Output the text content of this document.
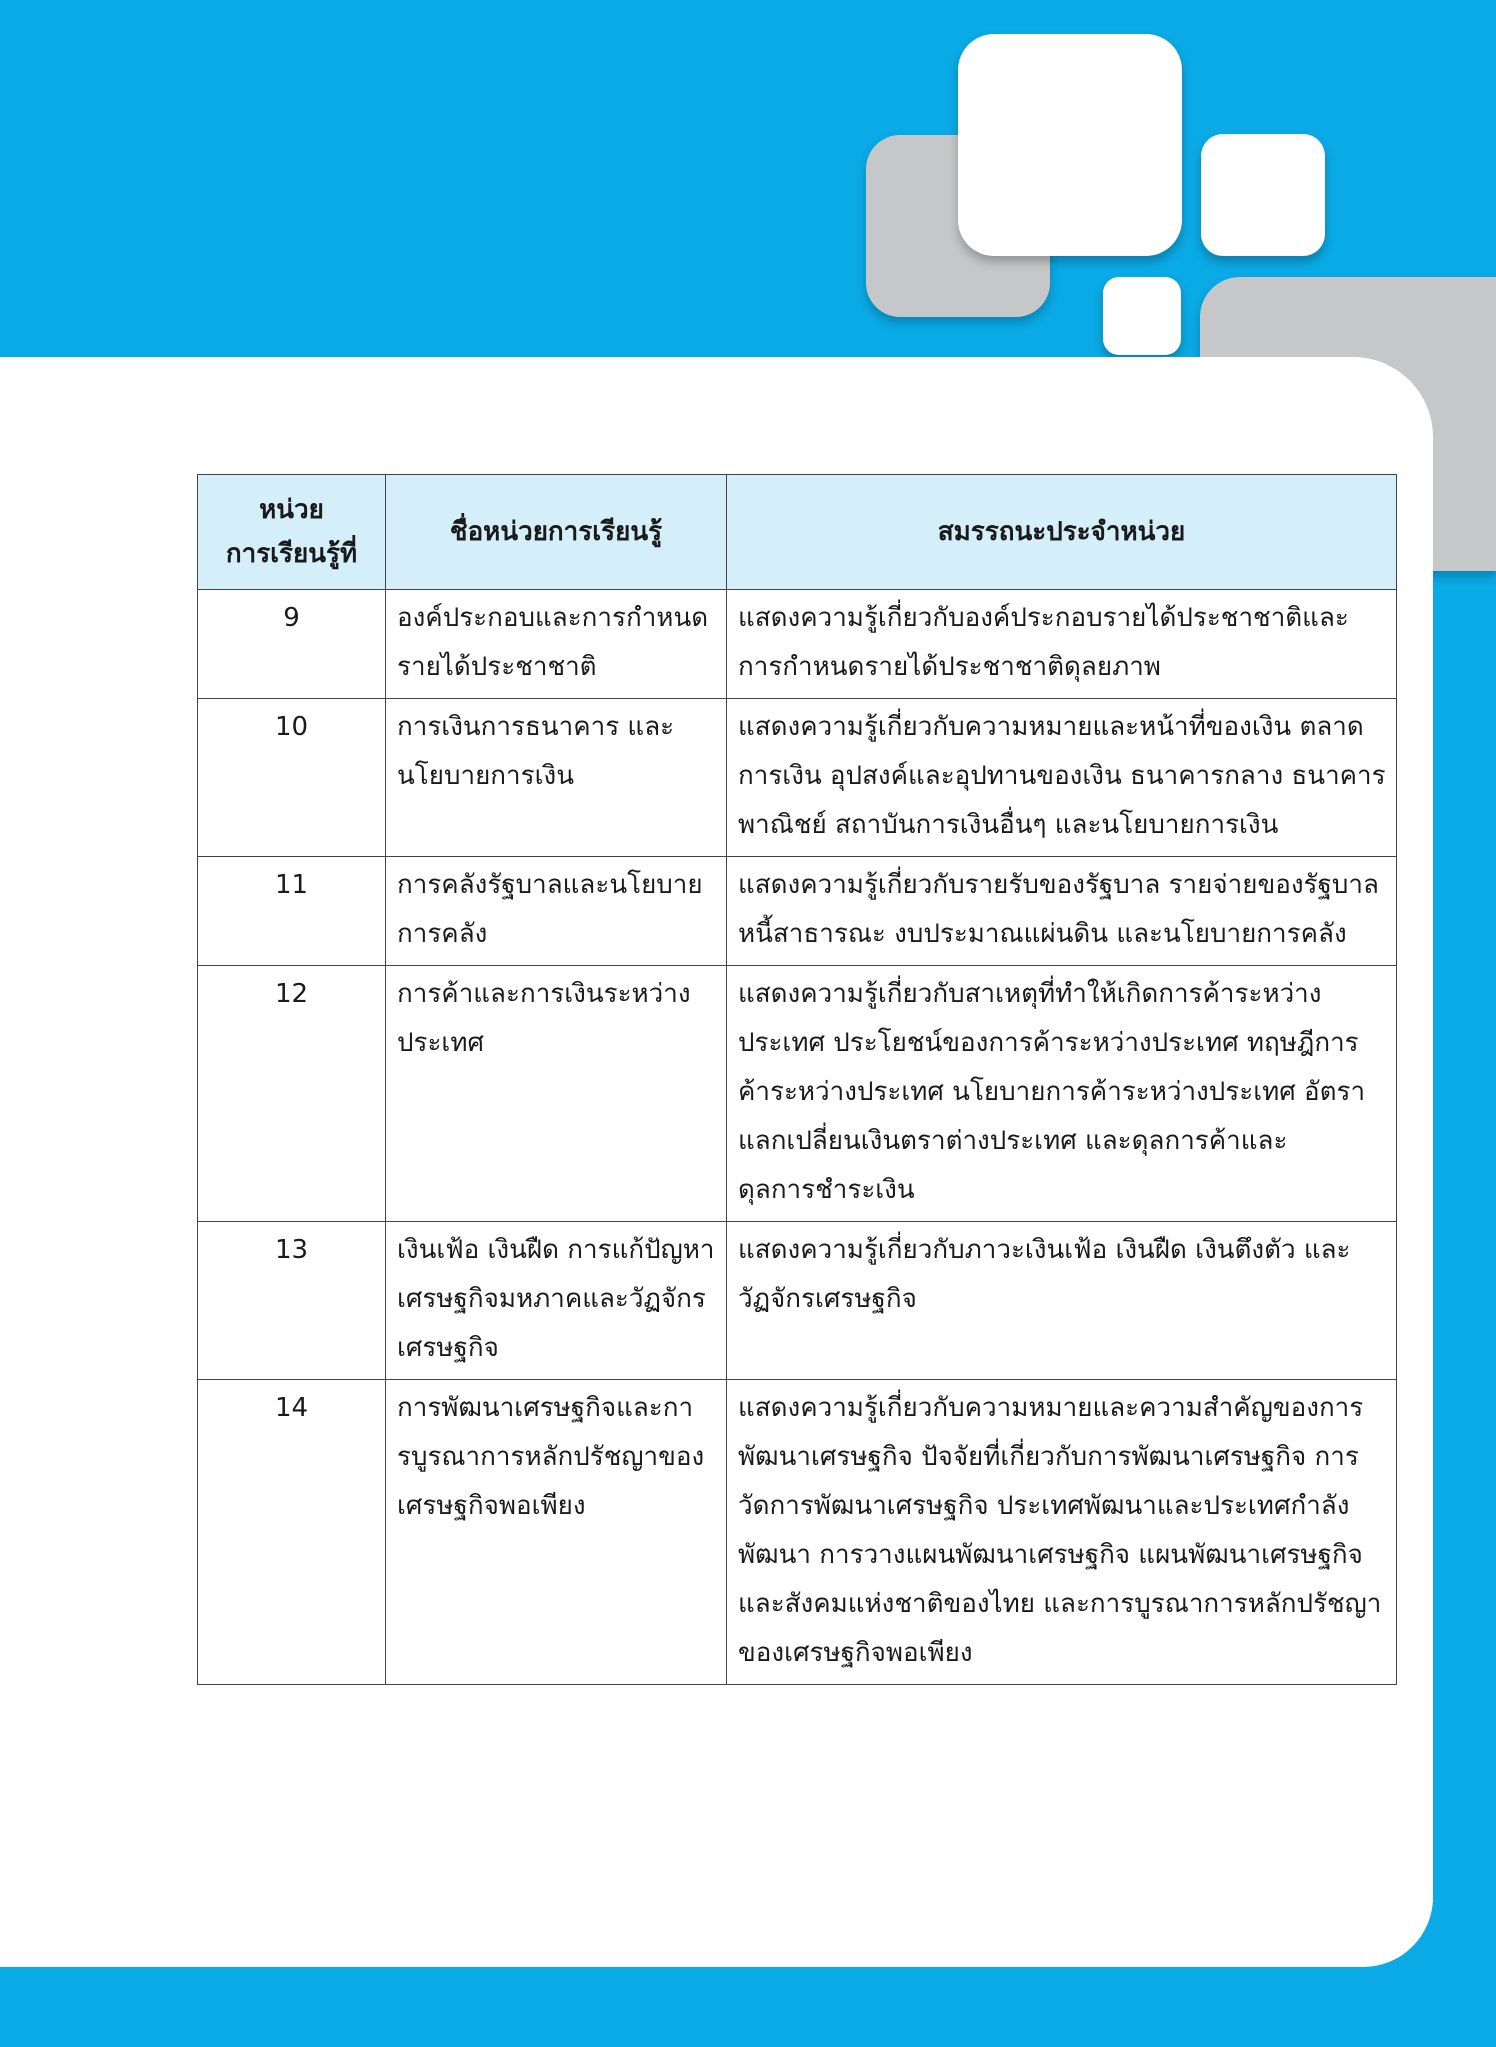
หน่วย
การเรียนรู้ที่	ชื่อหน่วยการเรียนรู้	สมรรถนะประจำหน่วย
9	องค์ประกอบและการกำหนดรายได้ประชาชาติ	แสดงความรู้เกี่ยวกับองค์ประกอบรายได้ประชาชาติและการกำหนดรายได้ประชาชาติดุลยภาพ
10	การเงินการธนาคาร และนโยบายการเงิน	แสดงความรู้เกี่ยวกับความหมายและหน้าที่ของเงิน ตลาดการเงิน อุปสงค์และอุปทานของเงิน ธนาคารกลาง ธนาคารพาณิชย์ สถาบันการเงินอื่นๆ และนโยบายการเงิน
11	การคลังรัฐบาลและนโยบายการคลัง	แสดงความรู้เกี่ยวกับรายรับของรัฐบาล รายจ่ายของรัฐบาล หนี้สาธารณะ งบประมาณแผ่นดิน และนโยบายการคลัง
12	การค้าและการเงินระหว่างประเทศ	แสดงความรู้เกี่ยวกับสาเหตุที่ทำให้เกิดการค้าระหว่างประเทศ ประโยชน์ของการค้าระหว่างประเทศ ทฤษฎีการค้าระหว่างประเทศ นโยบายการค้าระหว่างประเทศ อัตราแลกเปลี่ยนเงินตราต่างประเทศ และดุลการค้าและดุลการชำระเงิน
13	เงินเฟ้อ เงินฝืด การแก้ปัญหาเศรษฐกิจมหภาคและวัฏจักรเศรษฐกิจ	แสดงความรู้เกี่ยวกับภาวะเงินเฟ้อ เงินฝืด เงินตึงตัว และวัฏจักรเศรษฐกิจ
14	การพัฒนาเศรษฐกิจและการบูรณาการหลักปรัชญาของเศรษฐกิจพอเพียง	แสดงความรู้เกี่ยวกับความหมายและความสำคัญของการพัฒนาเศรษฐกิจ ปัจจัยที่เกี่ยวกับการพัฒนาเศรษฐกิจ การวัดการพัฒนาเศรษฐกิจ ประเทศพัฒนาและประเทศกำลังพัฒนา การวางแผนพัฒนาเศรษฐกิจ แผนพัฒนาเศรษฐกิจและสังคมแห่งชาติของไทย และการบูรณาการหลักปรัชญาของเศรษฐกิจพอเพียง
